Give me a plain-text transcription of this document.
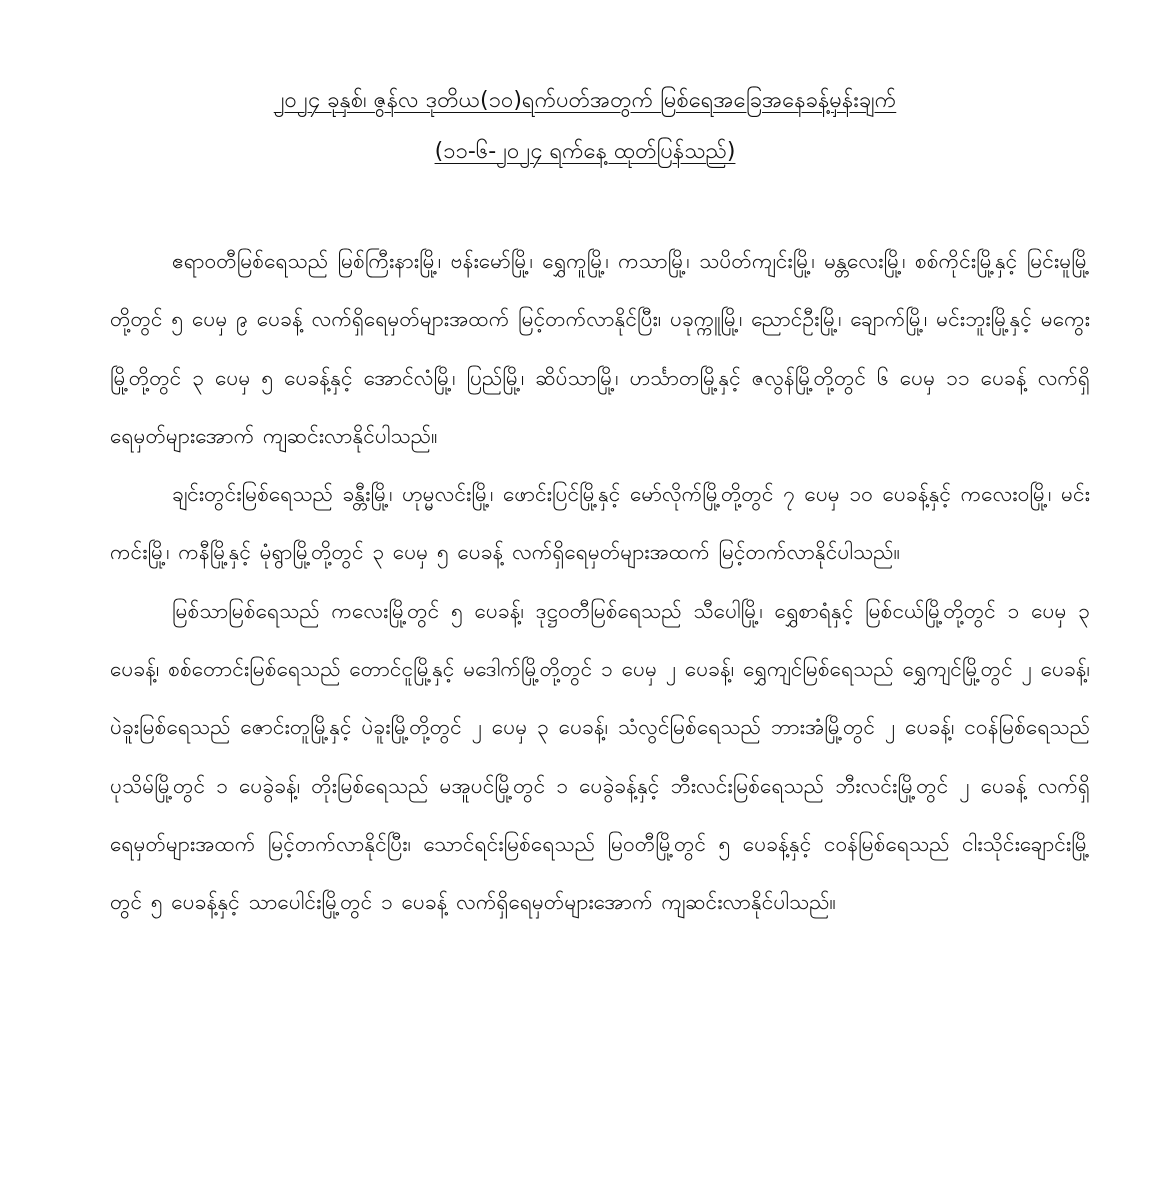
၂၀၂၄ ခုနှစ်၊ ဇွန်လ ဒုတိယ(၁၀)ရက်ပတ်အတွက် မြစ်ရေအခြေအနေခန့်မှန်းချက်
(၁၁-၆-၂၀၂၄ ရက်နေ့ ထုတ်ပြန်သည်)

ဧရာဝတီမြစ်ရေသည် မြစ်ကြီးနားမြို့၊ ဗန်းမော်မြို့၊ ရွှေကူမြို့၊ ကသာမြို့၊ သပိတ်ကျင်းမြို့၊ မန္တလေးမြို့၊ စစ်ကိုင်းမြို့နှင့် မြင်းမူမြို့တို့တွင် ၅ ပေမှ ၉ ပေခန့် လက်ရှိရေမှတ်များအထက် မြင့်တက်လာနိုင်ပြီး၊ ပခုက္ကူမြို့၊ ညောင်ဦးမြို့၊ ချောက်မြို့၊ မင်းဘူးမြို့နှင့် မကွေးမြို့တို့တွင် ၃ ပေမှ ၅ ပေခန့်နှင့် အောင်လံမြို့၊ ပြည်မြို့၊ ဆိပ်သာမြို့၊ ဟင်္သာတမြို့နှင့် ဇလွန်မြို့တို့တွင် ၆ ပေမှ ၁၁ ပေခန့် လက်ရှိရေမှတ်များအောက် ကျဆင်းလာနိုင်ပါသည်။

ချင်းတွင်းမြစ်ရေသည် ခန္တီးမြို့၊ ဟုမ္မလင်းမြို့၊ ဖောင်းပြင်မြို့နှင့် မော်လိုက်မြို့တို့တွင် ၇ ပေမှ ၁၀ ပေခန့်နှင့် ကလေးဝမြို့၊ မင်းကင်းမြို့၊ ကနီမြို့နှင့် မုံရွာမြို့တို့တွင် ၃ ပေမှ ၅ ပေခန့် လက်ရှိရေမှတ်များအထက် မြင့်တက်လာနိုင်ပါသည်။

မြစ်သာမြစ်ရေသည် ကလေးမြို့တွင် ၅ ပေခန့်၊ ဒုဋ္ဌဝတီမြစ်ရေသည် သီပေါမြို့၊ ရွှေစာရံနှင့် မြစ်ငယ်မြို့တို့တွင် ၁ ပေမှ ၃ ပေခန့်၊ စစ်တောင်းမြစ်ရေသည် တောင်ငူမြို့နှင့် မဒေါက်မြို့တို့တွင် ၁ ပေမှ ၂ ပေခန့်၊ ရွှေကျင်မြစ်ရေသည် ရွှေကျင်မြို့တွင် ၂ ပေခန့်၊ ပဲခူးမြစ်ရေသည် ဇောင်းတူမြို့နှင့် ပဲခူးမြို့တို့တွင် ၂ ပေမှ ၃ ပေခန့်၊ သံလွင်မြစ်ရေသည် ဘားအံမြို့တွင် ၂ ပေခန့်၊ ငဝန်မြစ်ရေသည် ပုသိမ်မြို့တွင် ၁ ပေခွဲခန့်၊ တိုးမြစ်ရေသည် မအူပင်မြို့တွင် ၁ ပေခွဲခန့်နှင့် ဘီးလင်းမြစ်ရေသည် ဘီးလင်းမြို့တွင် ၂ ပေခန့် လက်ရှိရေမှတ်များအထက် မြင့်တက်လာနိုင်ပြီး၊ သောင်ရင်းမြစ်ရေသည် မြဝတီမြို့တွင် ၅ ပေခန့်နှင့် ငဝန်မြစ်ရေသည် ငါးသိုင်းချောင်းမြို့တွင် ၅ ပေခန့်နှင့် သာပေါင်းမြို့တွင် ၁ ပေခန့် လက်ရှိရေမှတ်များအောက် ကျဆင်းလာနိုင်ပါသည်။
